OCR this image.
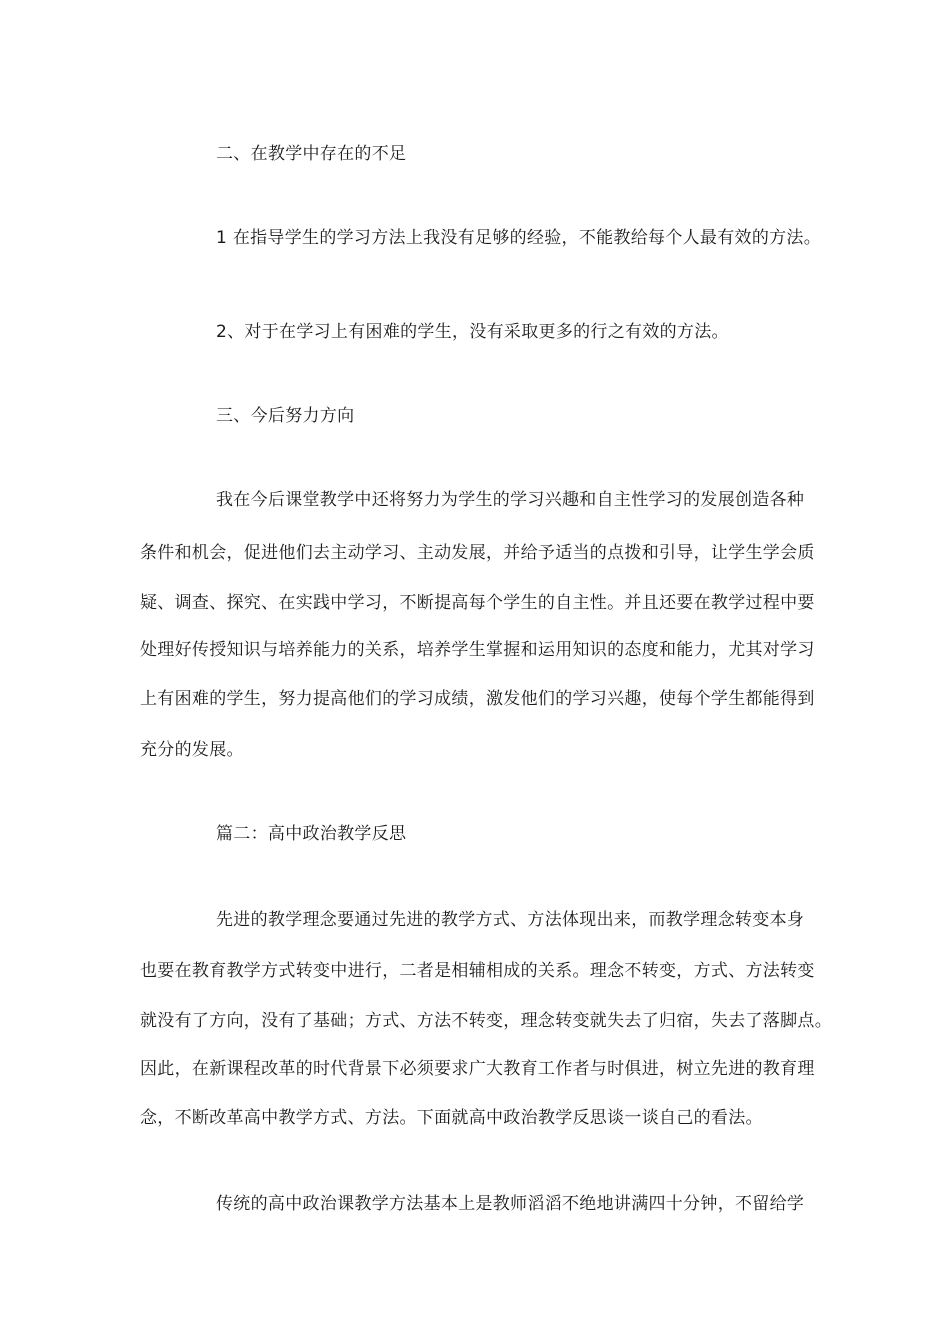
二、在教学中存在的不足
1 在指导学生的学习方法上我没有足够的经验，不能教给每个人最有效的方法。
2、对于在学习上有困难的学生，没有采取更多的行之有效的方法。
三、今后努力方向
我在今后课堂教学中还将努力为学生的学习兴趣和自主性学习的发展创造各种
条件和机会，促进他们去主动学习、主动发展，并给予适当的点拨和引导，让学生学会质
疑、调查、探究、在实践中学习，不断提高每个学生的自主性。并且还要在教学过程中要
处理好传授知识与培养能力的关系，培养学生掌握和运用知识的态度和能力，尤其对学习
上有困难的学生，努力提高他们的学习成绩，激发他们的学习兴趣，使每个学生都能得到
充分的发展。
篇二：高中政治教学反思
先进的教学理念要通过先进的教学方式、方法体现出来，而教学理念转变本身
也要在教育教学方式转变中进行，二者是相辅相成的关系。理念不转变，方式、方法转变
就没有了方向，没有了基础；方式、方法不转变，理念转变就失去了归宿，失去了落脚点。
因此，在新课程改革的时代背景下必须要求广大教育工作者与时俱进，树立先进的教育理
念，不断改革高中教学方式、方法。下面就高中政治教学反思谈一谈自己的看法。
传统的高中政治课教学方法基本上是教师滔滔不绝地讲满四十分钟，不留给学
